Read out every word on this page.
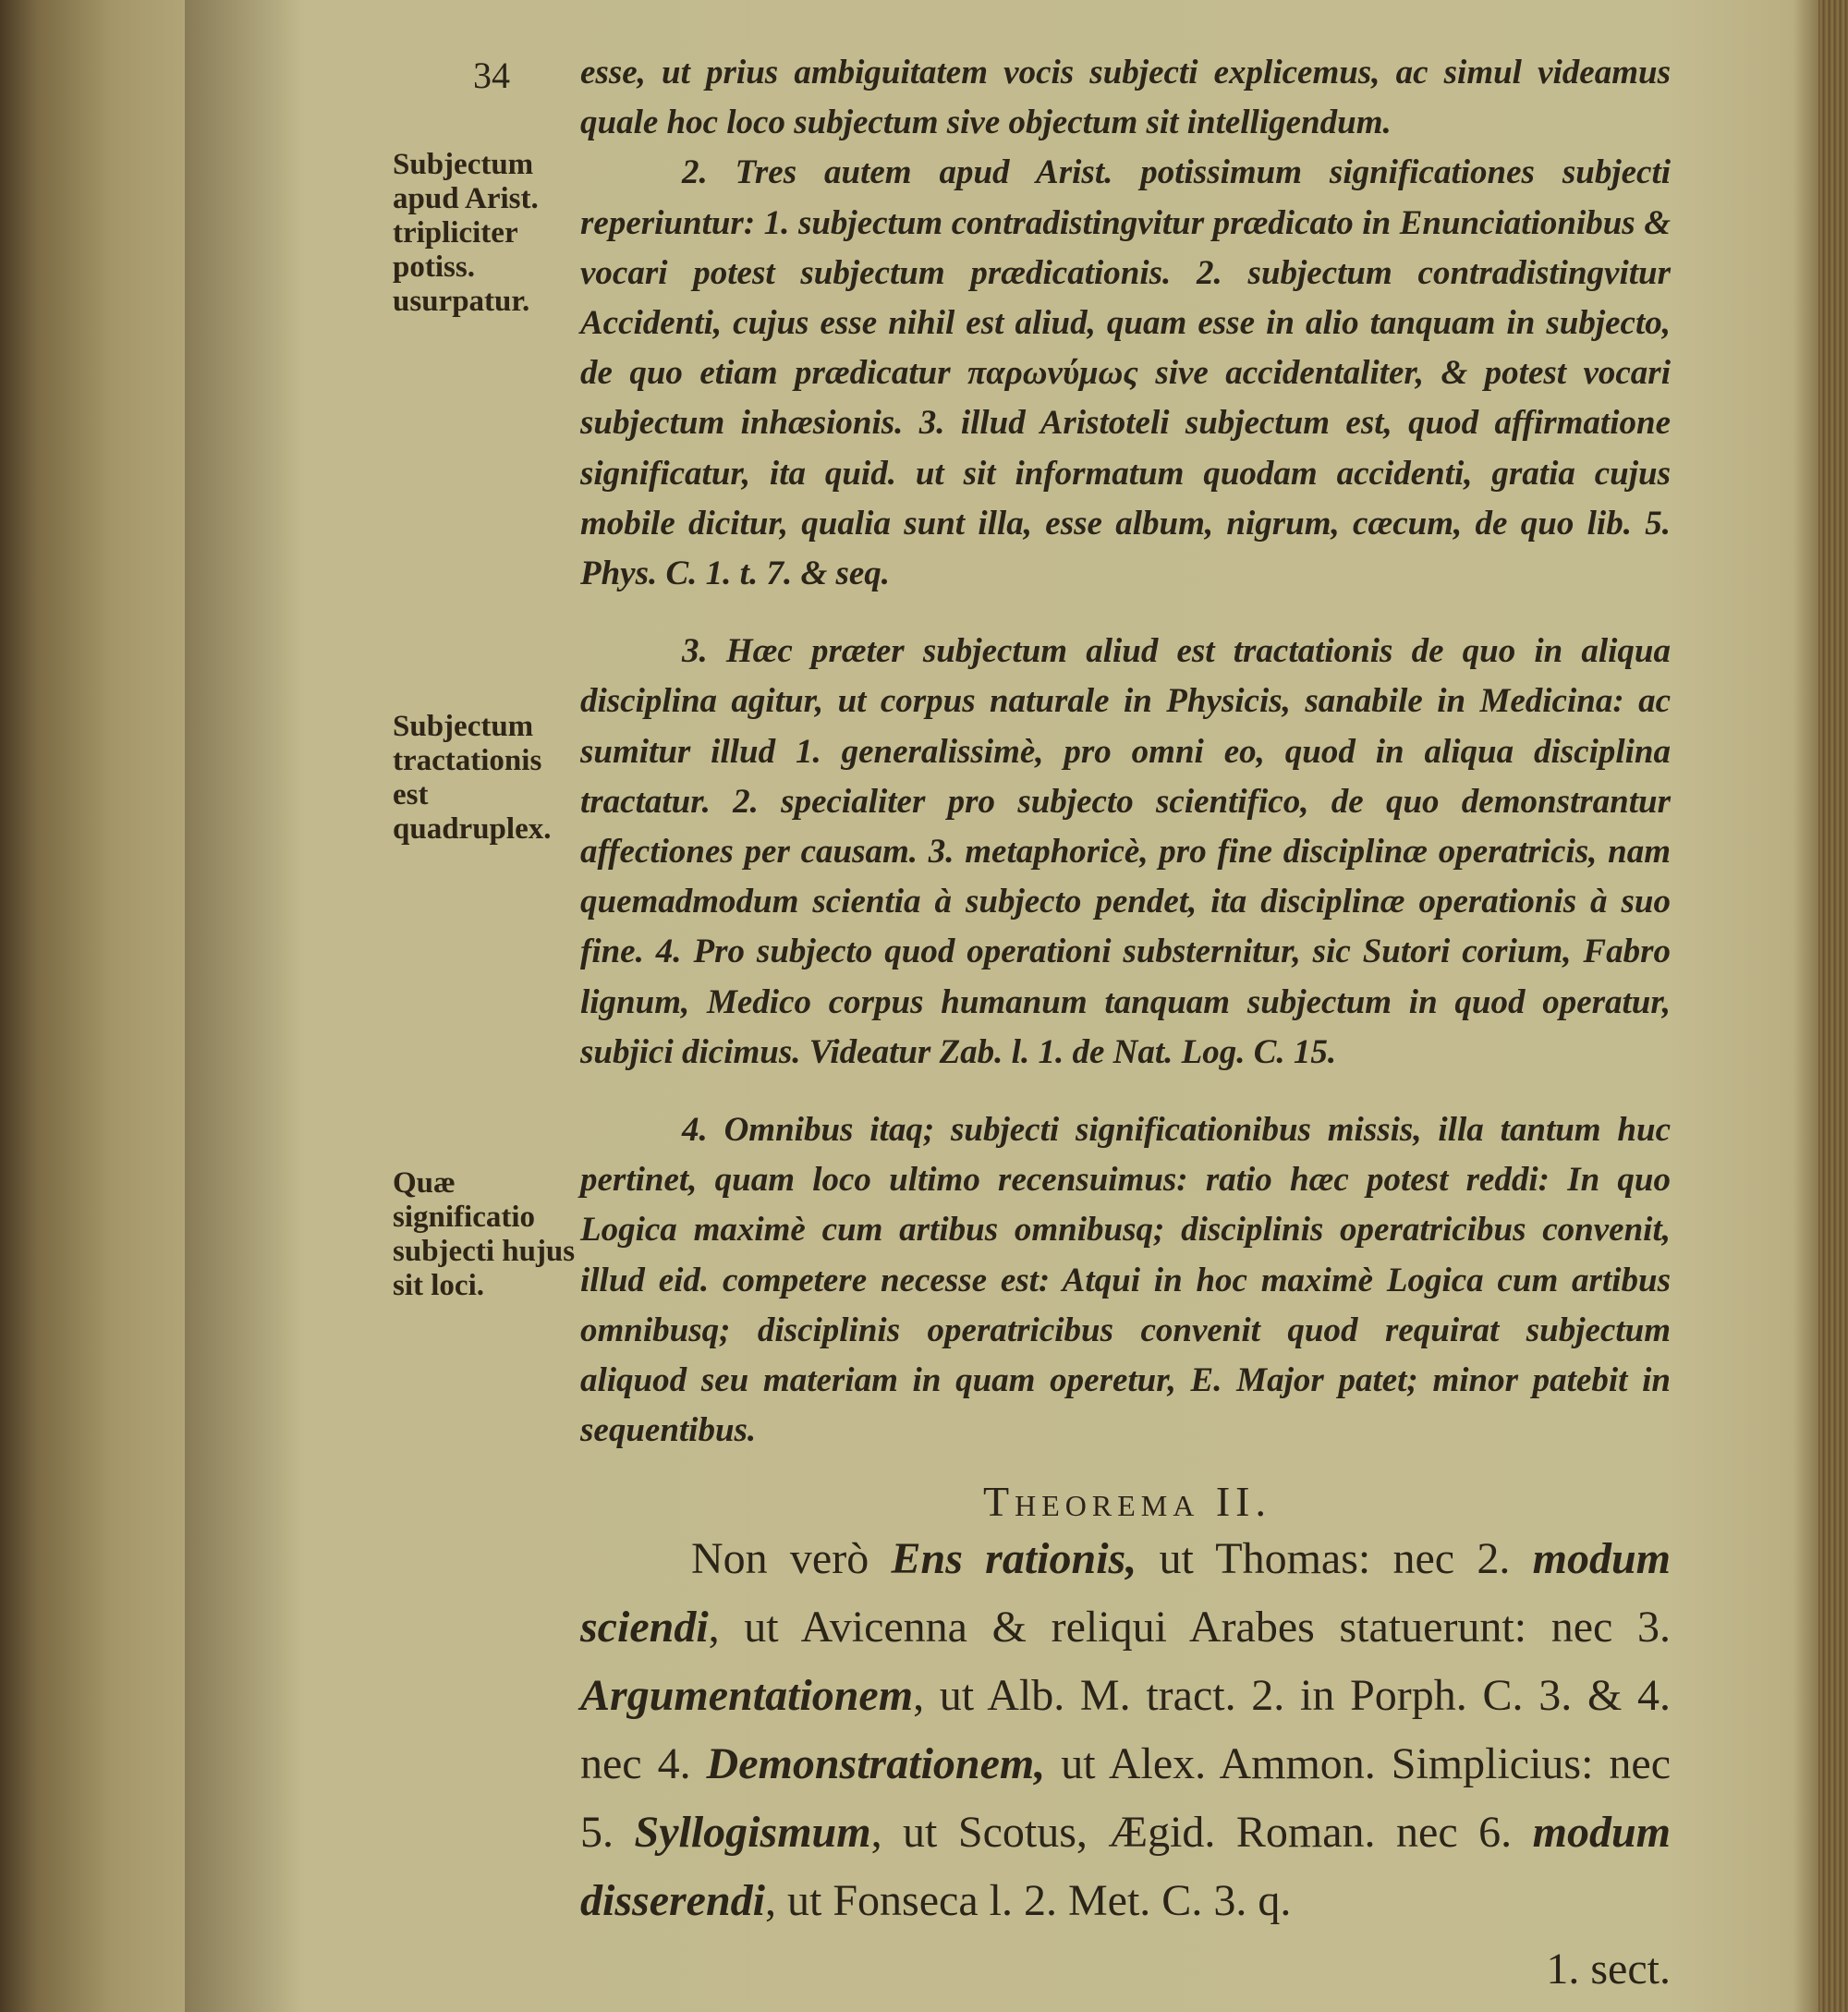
34
Subjectum apud Arist. tripliciter potiss. usurpatur.
Subjectum tractationis est quadruplex.
Quæ significatio subjecti hujus sit loci.

esse, ut prius ambiguitatem vocis subjecti explicemus, ac simul videamus quale hoc loco subjectum sive objectum sit intelligendum.

2. Tres autem apud Arist. potissimum significationes subjecti reperiuntur: 1. subjectum contradistingvitur prædicato in Enunciationibus & vocari potest subjectum prædicationis. 2. subjectum contradistingvitur Accidenti, cujus esse nihil est aliud, quam esse in alio tanquam in subjecto, de quo etiam prædicatur παρωνύμως sive accidentaliter, & potest vocari subjectum inhæsionis. 3. illud Aristoteli subjectum est, quod affirmatione significatur, ita quid. ut sit informatum quodam accidenti, gratia cujus mobile dicitur, qualia sunt illa, esse album, nigrum, cæcum, de quo lib. 5. Phys. C. 1. t. 7. & seq.

3. Hæc præter subjectum aliud est tractationis de quo in aliqua disciplina agitur, ut corpus naturale in Physicis, sanabile in Medicina: ac sumitur illud 1. generalissimè, pro omni eo, quod in aliqua disciplina tractatur. 2. specialiter pro subjecto scientifico, de quo demonstrantur affectiones per causam. 3. metaphoricè, pro fine disciplinæ operatricis, nam quemadmodum scientia à subjecto pendet, ita disciplinæ operationis à suo fine. 4. Pro subjecto quod operationi substernitur, sic Sutori corium, Fabro lignum, Medico corpus humanum tanquam subjectum in quod operatur, subjici dicimus. Videatur Zab. l. 1. de Nat. Log. C. 15.

4. Omnibus itaq; subjecti significationibus missis, illa tantum huc pertinet, quam loco ultimo recensuimus: ratio hæc potest reddi: In quo Logica maximè cum artibus omnibusq; disciplinis operatricibus convenit, illud eid. competere necesse est: Atqui in hoc maximè Logica cum artibus omnibusq; disciplinis operatricibus convenit quod requirat subjectum aliquod seu materiam in quam operetur, E. Major patet; minor patebit in sequentibus.

Theorema II.
Non verò Ens rationis, ut Thomas: nec 2. modum sciendi, ut Avicenna & reliqui Arabes statuerunt: nec 3. Argumentationem, ut Alb. M. tract. 2. in Porph. C. 3. & 4. nec 4. Demonstrationem, ut Alex. Ammon. Simplicius: nec 5. Syllogismum, ut Scotus, Ægid. Roman. nec 6. modum disserendi, ut Fonseca l. 2. Met. C. 3. q.
1. sect.
